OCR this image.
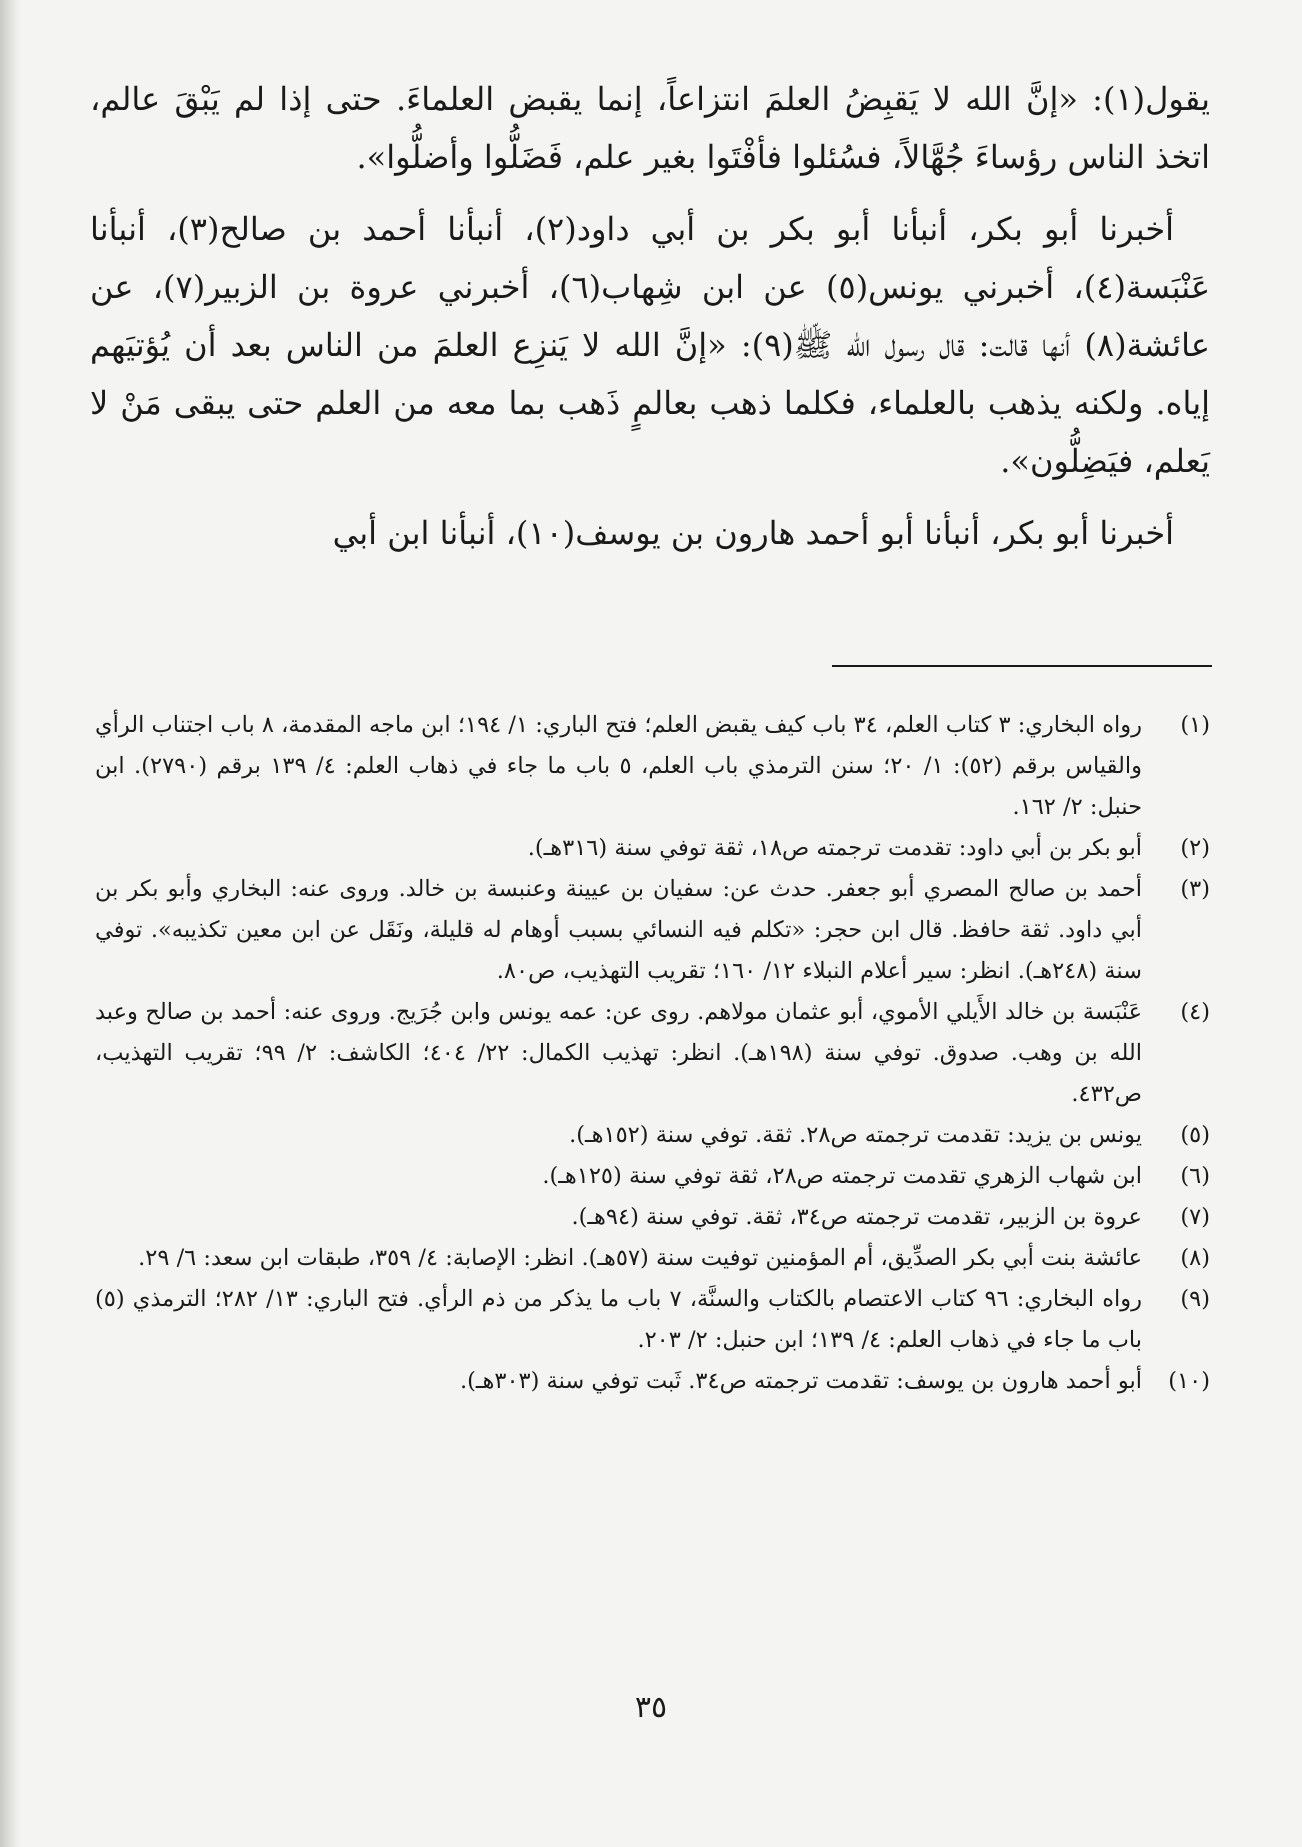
يقول(١): «إنَّ الله لا يَقبِضُ العلمَ انتزاعاً، إنما يقبض العلماءَ. حتى إذا لم يَبْقَ عالم، اتخذ الناس رؤساءَ جُهَّالاً، فسُئلوا فأفْتَوا بغير علم، فَضَلُّوا وأضلُّوا».

أخبرنا أبو بكر، أنبأنا أبو بكر بن أبي داود(٢)، أنبأنا أحمد بن صالح(٣)، أنبأنا عَنْبَسة(٤)، أخبرني يونس(٥) عن ابن شِهاب(٦)، أخبرني عروة بن الزبير(٧)، عن عائشة(٨) أنها قالت: قال رسول الله ﷺ(٩): «إنَّ الله لا يَنزِع العلمَ من الناس بعد أن يُؤتيَهم إياه. ولكنه يذهب بالعلماء، فكلما ذهب بعالمٍ ذَهب بما معه من العلم حتى يبقى مَنْ لا يَعلم، فيَضِلُّون».

أخبرنا أبو بكر، أنبأنا أبو أحمد هارون بن يوسف(١٠)، أنبأنا ابن أبي

(١)
رواه البخاري: ٣ كتاب العلم، ٣٤ باب كيف يقبض العلم؛ فتح الباري: ١/ ١٩٤؛ ابن ماجه المقدمة، ٨ باب اجتناب الرأي والقياس برقم (٥٢): ١/ ٢٠؛ سنن الترمذي باب العلم، ٥ باب ما جاء في ذهاب العلم: ٤/ ١٣٩ برقم (٢٧٩٠). ابن حنبل: ٢/ ١٦٢.
(٢)
أبو بكر بن أبي داود: تقدمت ترجمته ص١٨، ثقة توفي سنة (٣١٦هـ).
(٣)
أحمد بن صالح المصري أبو جعفر. حدث عن: سفيان بن عيينة وعنبسة بن خالد. وروى عنه: البخاري وأبو بكر بن أبي داود. ثقة حافظ. قال ابن حجر: «تكلم فيه النسائي بسبب أوهام له قليلة، ونَقَل عن ابن معين تكذيبه». توفي سنة (٢٤٨هـ). انظر: سير أعلام النبلاء ١٢/ ١٦٠؛ تقريب التهذيب، ص٨٠.
(٤)
عَنْبَسة بن خالد الأَيلي الأموي، أبو عثمان مولاهم. روى عن: عمه يونس وابن جُرَيج. وروى عنه: أحمد بن صالح وعبد الله بن وهب. صدوق. توفي سنة (١٩٨هـ). انظر: تهذيب الكمال: ٢٢/ ٤٠٤؛ الكاشف: ٢/ ٩٩؛ تقريب التهذيب، ص٤٣٢.
(٥)
يونس بن يزيد: تقدمت ترجمته ص٢٨. ثقة. توفي سنة (١٥٢هـ).
(٦)
ابن شهاب الزهري تقدمت ترجمته ص٢٨، ثقة توفي سنة (١٢٥هـ).
(٧)
عروة بن الزبير، تقدمت ترجمته ص٣٤، ثقة. توفي سنة (٩٤هـ).
(٨)
عائشة بنت أبي بكر الصدِّيق، أم المؤمنين توفيت سنة (٥٧هـ). انظر: الإصابة: ٤/ ٣٥٩، طبقات ابن سعد: ٦/ ٢٩.
(٩)
رواه البخاري: ٩٦ كتاب الاعتصام بالكتاب والسنَّة، ٧ باب ما يذكر من ذم الرأي. فتح الباري: ١٣/ ٢٨٢؛ الترمذي (٥) باب ما جاء في ذهاب العلم: ٤/ ١٣٩؛ ابن حنبل: ٢/ ٢٠٣.
(١٠)
أبو أحمد هارون بن يوسف: تقدمت ترجمته ص٣٤. ثَبت توفي سنة (٣٠٣هـ).
٣٥
